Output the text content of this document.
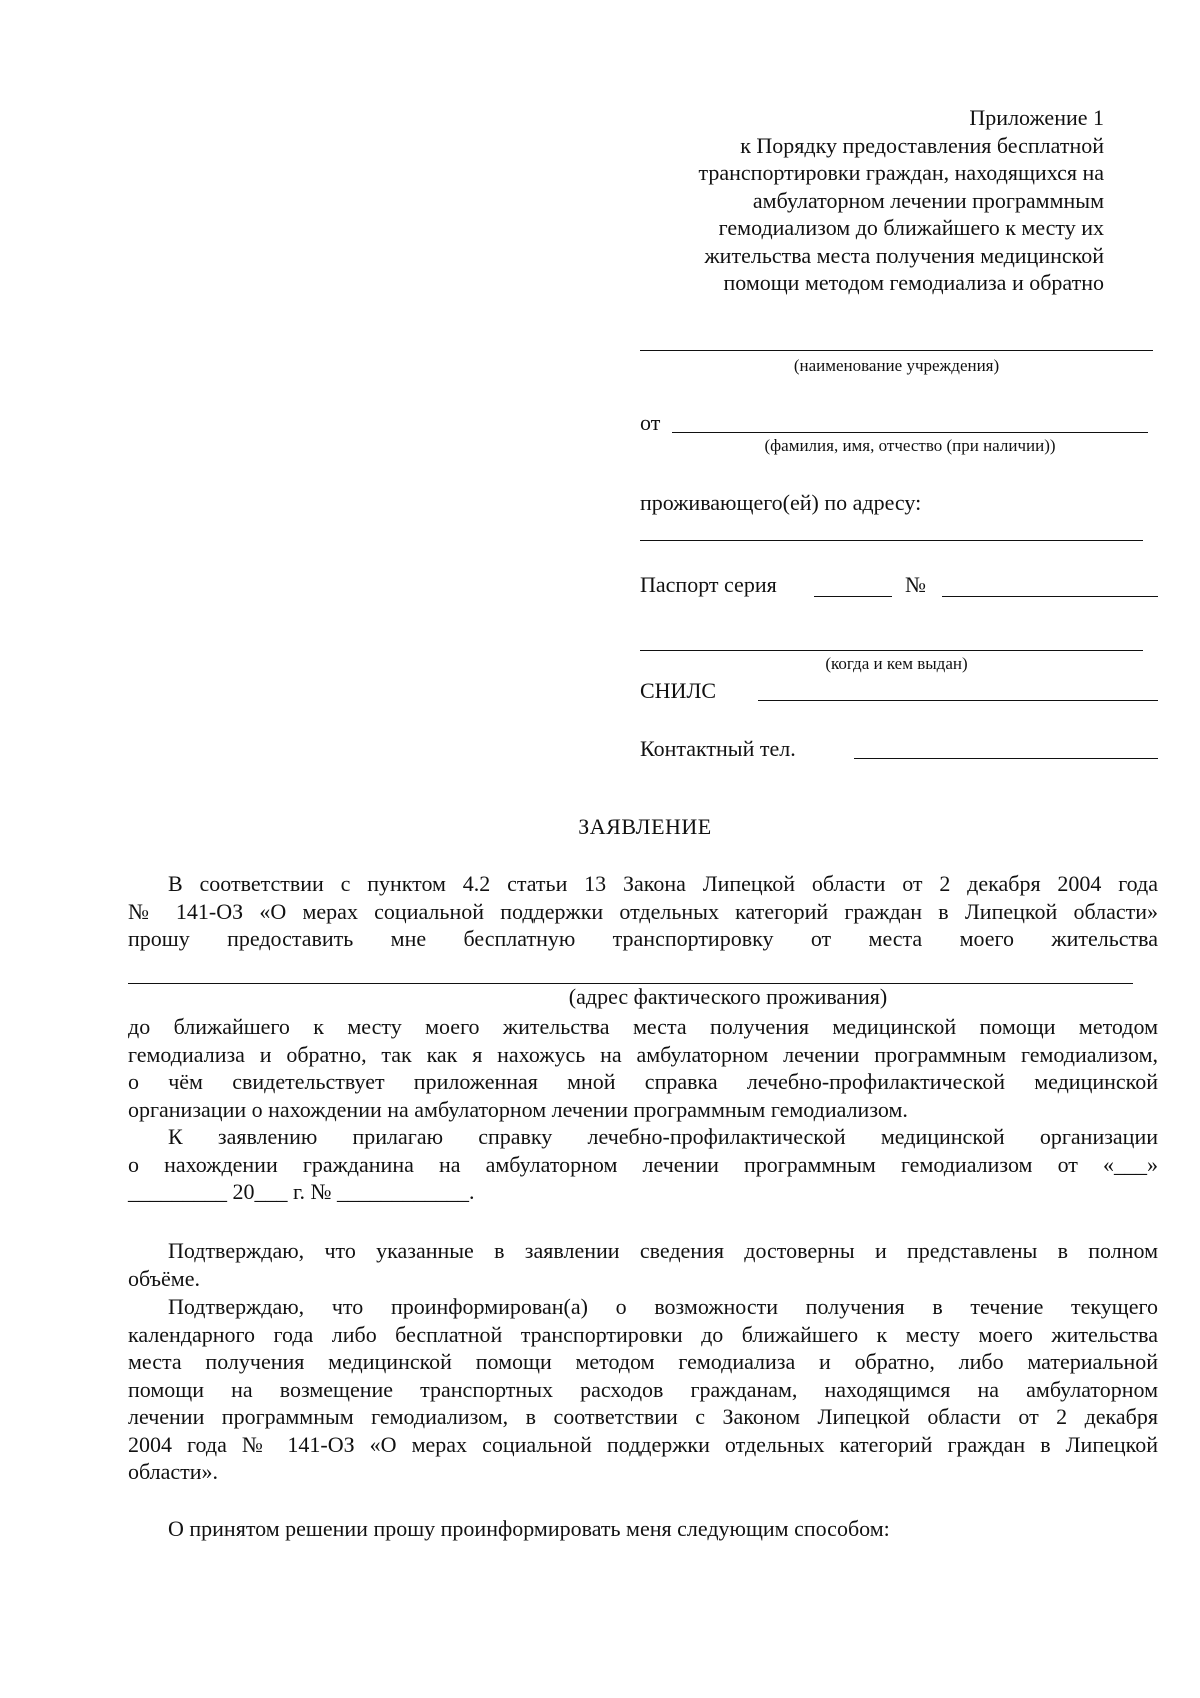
Приложение 1
к Порядку предоставления бесплатной
транспортировки граждан, находящихся на
амбулаторном лечении программным
гемодиализом до ближайшего к месту их
жительства места получения медицинской
помощи методом гемодиализа и обратно
(наименование учреждения)
от
(фамилия, имя, отчество (при наличии))
проживающего(ей) по адресу:
Паспорт серия	№
(когда и кем выдан)
СНИЛС
Контактный тел.
ЗАЯВЛЕНИЕ
В соответствии с пунктом 4.2 статьи 13 Закона Липецкой области от 2 декабря 2004 года
№ 141-ОЗ «О мерах социальной поддержки отдельных категорий граждан в Липецкой области»
прошу предоставить мне бесплатную транспортировку от места моего жительства
(адрес фактического проживания)
до ближайшего к месту моего жительства места получения медицинской помощи методом
гемодиализа и обратно, так как я нахожусь на амбулаторном лечении программным гемодиализом,
о чём свидетельствует приложенная мной справка лечебно-профилактической медицинской
организации о нахождении на амбулаторном лечении программным гемодиализом.
К заявлению прилагаю справку лечебно-профилактической медицинской организации
о нахождении гражданина на амбулаторном лечении программным гемодиализом от «___»
_________ 20___ г. № ____________.
Подтверждаю, что указанные в заявлении сведения достоверны и представлены в полном
объёме.
Подтверждаю, что проинформирован(а) о возможности получения в течение текущего
календарного года либо бесплатной транспортировки до ближайшего к месту моего жительства
места получения медицинской помощи методом гемодиализа и обратно, либо материальной
помощи на возмещение транспортных расходов гражданам, находящимся на амбулаторном
лечении программным гемодиализом, в соответствии с Законом Липецкой области от 2 декабря
2004 года № 141-ОЗ «О мерах социальной поддержки отдельных категорий граждан в Липецкой
области».
О принятом решении прошу проинформировать меня следующим способом:
